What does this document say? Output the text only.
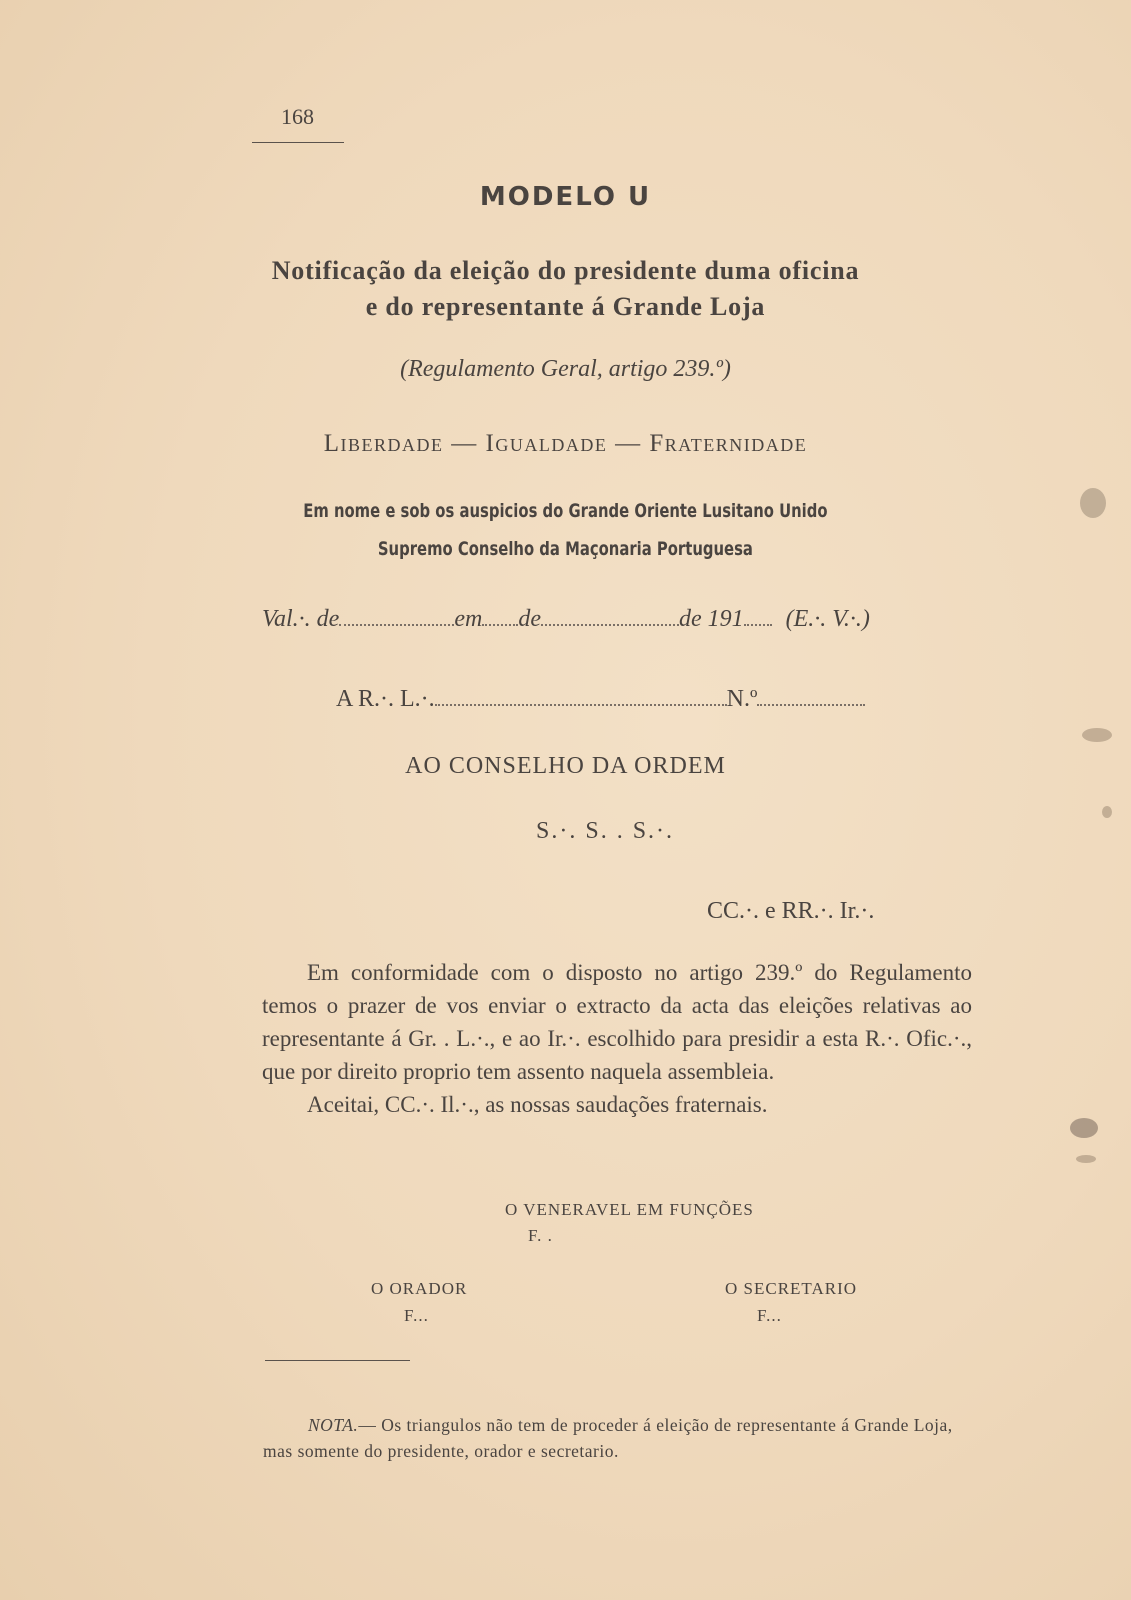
168
MODELO U
Notificação da eleição do presidente duma oficina
e do representante á Grande Loja
(Regulamento Geral, artigo 239.º)
Liberdade — Igualdade — Fraternidade
Em nome e sob os auspicios do Grande Oriente Lusitano Unido
Supremo Conselho da Maçonaria Portuguesa
Val.·. de	em de	de 191 (E.·. V.·.)
A R.·. L.·.	N.º
AO CONSELHO DA ORDEM
S.·. S. . S.·.
CC.·. e RR.·. Ir.·.

Em conformidade com o disposto no artigo 239.º do Regulamento temos o prazer de vos enviar o extracto da acta das eleições relativas ao representante á Gr. . L.·., e ao Ir.·. escolhido para presidir a esta R.·. Ofic.·., que por direito proprio tem assento naquela assembleia.

Aceitai, CC.·. Il.·., as nossas saudações fraternais.

O VENERAVEL EM FUNÇÕES
F. .
O ORADOR
F...
O SECRETARIO
F...

NOTA.— Os triangulos não tem de proceder á eleição de representante á Grande Loja, mas somente do presidente, orador e secretario.
